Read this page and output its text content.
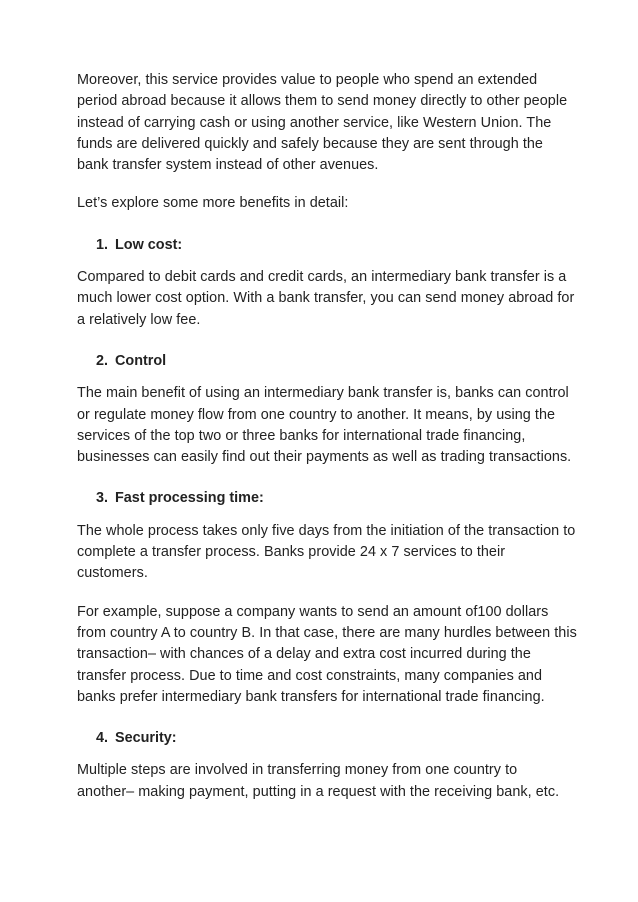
Moreover, this service provides value to people who spend an extended period abroad because it allows them to send money directly to other people instead of carrying cash or using another service, like Western Union. The funds are delivered quickly and safely because they are sent through the bank transfer system instead of other avenues.

Let’s explore some more benefits in detail:

1. Low cost:

Compared to debit cards and credit cards, an intermediary bank transfer is a much lower cost option. With a bank transfer, you can send money abroad for a relatively low fee.

2. Control

The main benefit of using an intermediary bank transfer is, banks can control or regulate money flow from one country to another. It means, by using the services of the top two or three banks for international trade financing, businesses can easily find out their payments as well as trading transactions.

3. Fast processing time:

The whole process takes only five days from the initiation of the transaction to complete a transfer process. Banks provide 24 x 7 services to their customers.

For example, suppose a company wants to send an amount of100 dollars from country A to country B. In that case, there are many hurdles between this transaction– with chances of a delay and extra cost incurred during the transfer process. Due to time and cost constraints, many companies and banks prefer intermediary bank transfers for international trade financing.

4. Security:

Multiple steps are involved in transferring money from one country to another– making payment, putting in a request with the receiving bank, etc.
